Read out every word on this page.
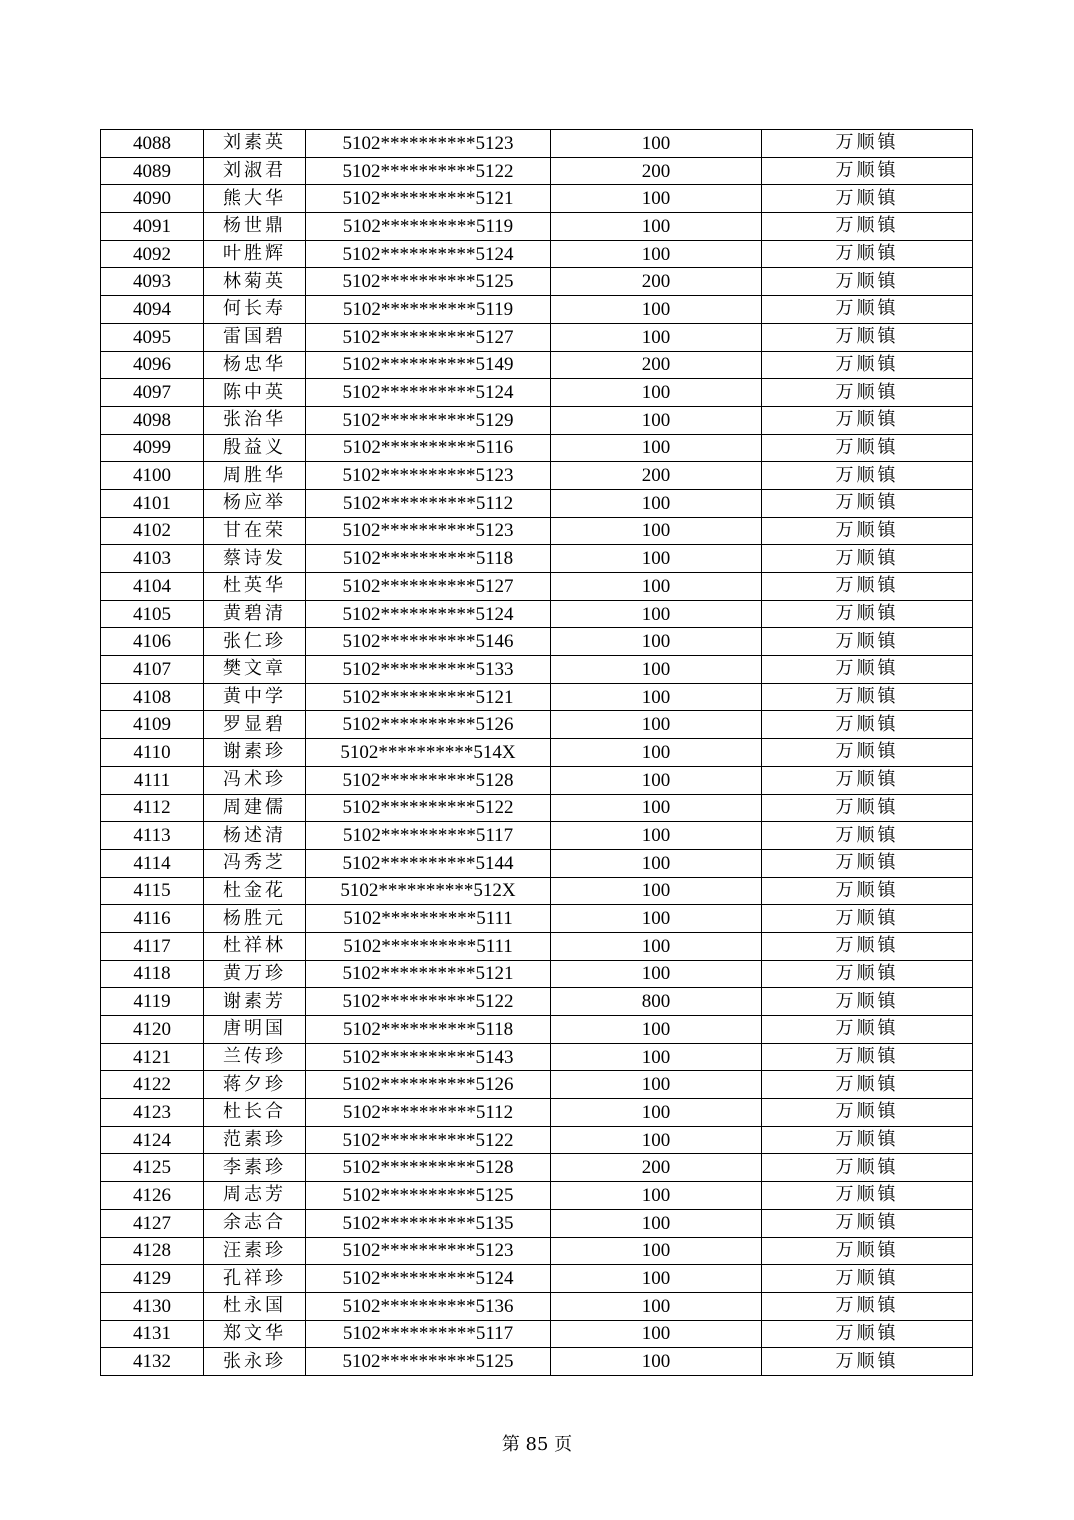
4088	刘素英	5102**********5123	100	万顺镇
4089	刘淑君	5102**********5122	200	万顺镇
4090	熊大华	5102**********5121	100	万顺镇
4091	杨世鼎	5102**********5119	100	万顺镇
4092	叶胜辉	5102**********5124	100	万顺镇
4093	林菊英	5102**********5125	200	万顺镇
4094	何长寿	5102**********5119	100	万顺镇
4095	雷国碧	5102**********5127	100	万顺镇
4096	杨忠华	5102**********5149	200	万顺镇
4097	陈中英	5102**********5124	100	万顺镇
4098	张治华	5102**********5129	100	万顺镇
4099	殷益义	5102**********5116	100	万顺镇
4100	周胜华	5102**********5123	200	万顺镇
4101	杨应举	5102**********5112	100	万顺镇
4102	甘在荣	5102**********5123	100	万顺镇
4103	蔡诗发	5102**********5118	100	万顺镇
4104	杜英华	5102**********5127	100	万顺镇
4105	黄碧清	5102**********5124	100	万顺镇
4106	张仁珍	5102**********5146	100	万顺镇
4107	樊文章	5102**********5133	100	万顺镇
4108	黄中学	5102**********5121	100	万顺镇
4109	罗显碧	5102**********5126	100	万顺镇
4110	谢素珍	5102**********514X	100	万顺镇
4111	冯术珍	5102**********5128	100	万顺镇
4112	周建儒	5102**********5122	100	万顺镇
4113	杨述清	5102**********5117	100	万顺镇
4114	冯秀芝	5102**********5144	100	万顺镇
4115	杜金花	5102**********512X	100	万顺镇
4116	杨胜元	5102**********5111	100	万顺镇
4117	杜祥林	5102**********5111	100	万顺镇
4118	黄万珍	5102**********5121	100	万顺镇
4119	谢素芳	5102**********5122	800	万顺镇
4120	唐明国	5102**********5118	100	万顺镇
4121	兰传珍	5102**********5143	100	万顺镇
4122	蒋夕珍	5102**********5126	100	万顺镇
4123	杜长合	5102**********5112	100	万顺镇
4124	范素珍	5102**********5122	100	万顺镇
4125	李素珍	5102**********5128	200	万顺镇
4126	周志芳	5102**********5125	100	万顺镇
4127	余志合	5102**********5135	100	万顺镇
4128	汪素珍	5102**********5123	100	万顺镇
4129	孔祥珍	5102**********5124	100	万顺镇
4130	杜永国	5102**********5136	100	万顺镇
4131	郑文华	5102**********5117	100	万顺镇
4132	张永珍	5102**********5125	100	万顺镇
第 85 页
